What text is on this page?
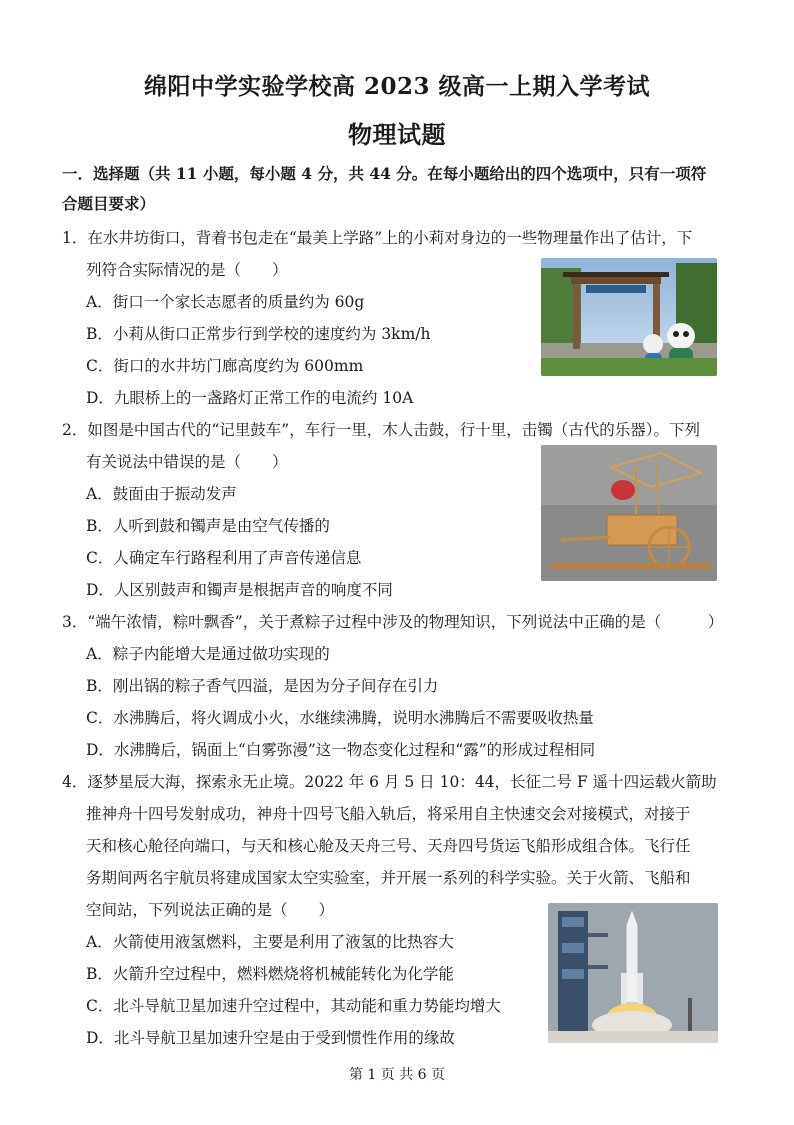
绵阳中学实验学校高 2023 级高一上期入学考试
物理试题
一．选择题（共 11 小题，每小题 4 分，共 44 分。在每小题给出的四个选项中，只有一项符
合题目要求）
1．在水井坊街口，背着书包走在“最美上学路”上的小莉对身边的一些物理量作出了估计，下
列符合实际情况的是（　　）
A．街口一个家长志愿者的质量约为 60g
B．小莉从街口正常步行到学校的速度约为 3km/h
C．街口的水井坊门廊高度约为 600mm
D．九眼桥上的一盏路灯正常工作的电流约 10A
2．如图是中国古代的“记里鼓车”，车行一里，木人击鼓，行十里，击镯（古代的乐器）。下列
有关说法中错误的是（　　）
A．鼓面由于振动发声
B．人听到鼓和镯声是由空气传播的
C．人确定车行路程利用了声音传递信息
D．人区别鼓声和镯声是根据声音的响度不同
3．“端午浓情，粽叶飘香”，关于煮粽子过程中涉及的物理知识，下列说法中正确的是（　　　）
A．粽子内能增大是通过做功实现的
B．刚出锅的粽子香气四溢，是因为分子间存在引力
C．水沸腾后，将火调成小火，水继续沸腾，说明水沸腾后不需要吸收热量
D．水沸腾后，锅面上“白雾弥漫”这一物态变化过程和“露”的形成过程相同
4．逐梦星辰大海，探索永无止境。2022 年 6 月 5 日 10：44，长征二号 F 遥十四运载火箭助
推神舟十四号发射成功，神舟十四号飞船入轨后，将采用自主快速交会对接模式，对接于
天和核心舱径向端口，与天和核心舱及天舟三号、天舟四号货运飞船形成组合体。飞行任
务期间两名宇航员将建成国家太空实验室，并开展一系列的科学实验。关于火箭、飞船和
空间站，下列说法正确的是（　　）
A．火箭使用液氢燃料，主要是利用了液氢的比热容大
B．火箭升空过程中，燃料燃烧将机械能转化为化学能
C．北斗导航卫星加速升空过程中，其动能和重力势能均增大
D．北斗导航卫星加速升空是由于受到惯性作用的缘故
第 1 页 共 6 页
